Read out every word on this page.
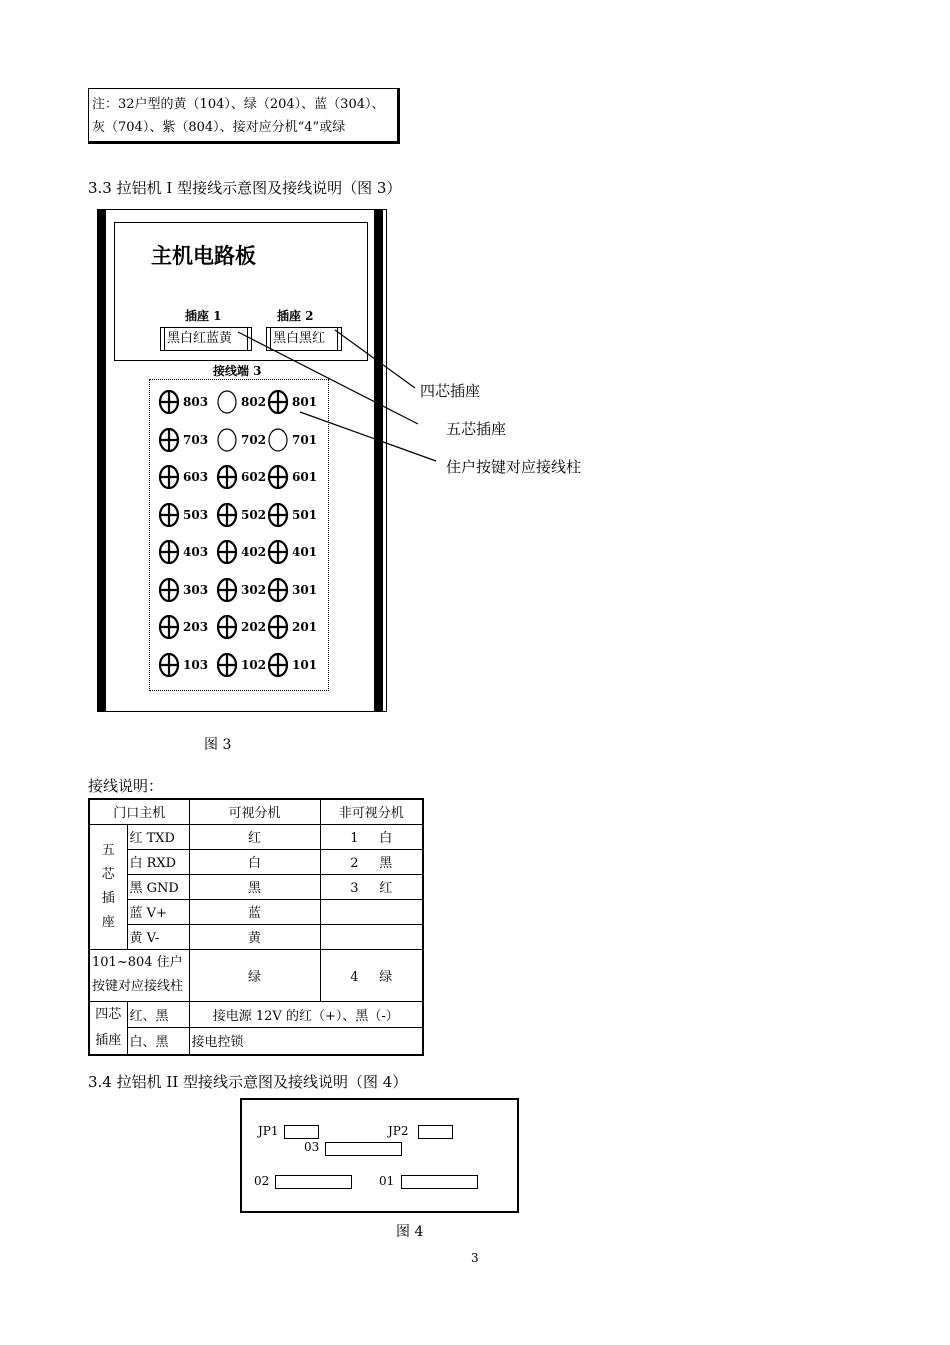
注：32户型的黄（104）、绿（204）、蓝（304）、
灰（704）、紫（804）、接对应分机“4”或绿
3.3 拉铝机 I 型接线示意图及接线说明（图 3）
主机电路板
插座 1	插座 2
黑白红蓝黄	黑白黑红
接线端 3
803	802 801
703	702 701
603	602 601
503	502 501
403	402 401
303	302 301
203	202 201
103	102 101
四芯插座
五芯插座
住户按键对应接线柱
图 3
接线说明：
门口主机		可视分机	非可视分机
五芯插座	红 TXD	红	1 白
	白 RXD	白	2 黑
	黑 GND	黑	3 红
	蓝 V+	蓝	
	黄 V-	黄	
101~804 住户按键对应接线柱		绿	4 绿
四芯插座	红、黑	接电源 12V 的红（+）、黑（-）	
	白、黑	接电控锁	
3.4 拉铝机 II 型接线示意图及接线说明（图 4）
JP1	JP2
03
02	01
图 4
3
